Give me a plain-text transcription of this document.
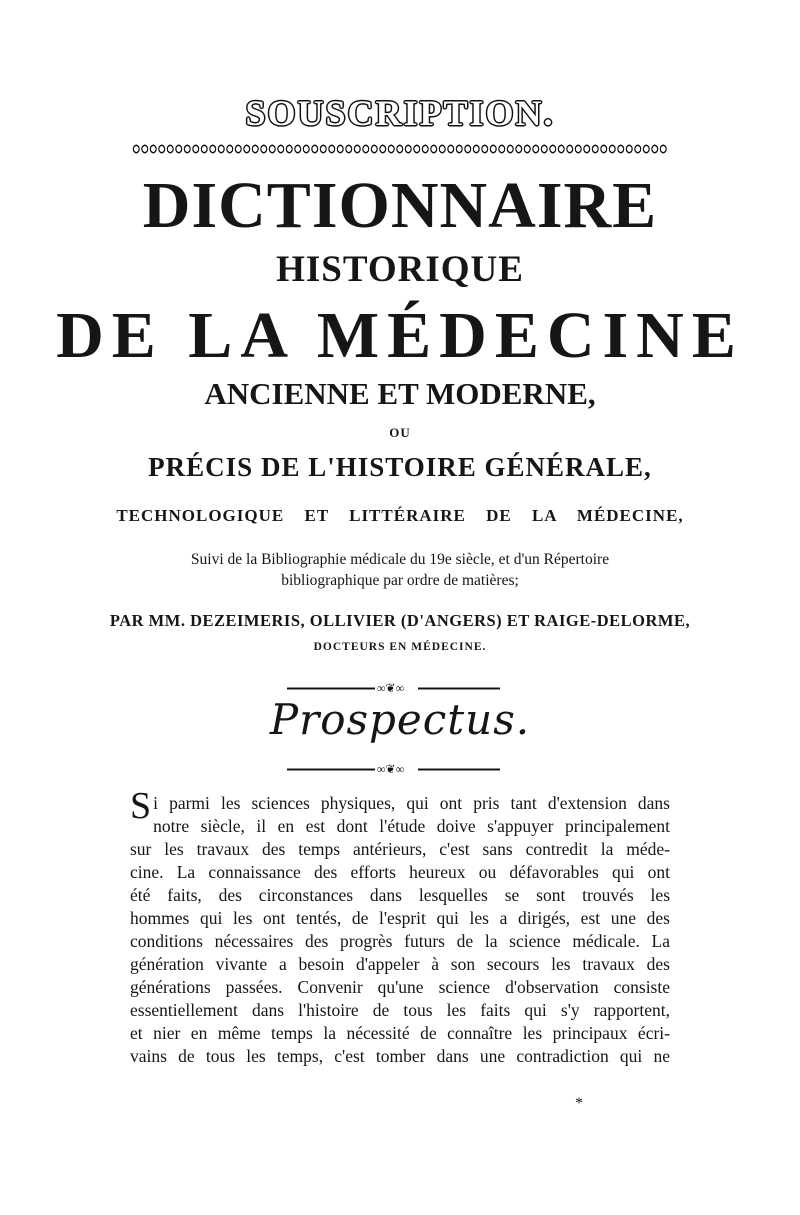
SOUSCRIPTION.
DICTIONNAIRE
HISTORIQUE
DE LA MÉDECINE
ANCIENNE ET MODERNE,
OU
PRÉCIS DE L'HISTOIRE GÉNÉRALE,
TECHNOLOGIQUE ET LITTÉRAIRE DE LA MÉDECINE,
Suivi de la Bibliographie médicale du 19e siècle, et d'un Répertoire
bibliographique par ordre de matières;
PAR MM. DEZEIMERIS, OLLIVIER (D'ANGERS) ET RAIGE-DELORME,
DOCTEURS EN MÉDECINE.
∞❦∞
Prospectus.
∞❦∞
S i parmi les sciences physiques, qui ont pris tant d'extension dans
notre siècle, il en est dont l'étude doive s'appuyer principalement
sur les travaux des temps antérieurs, c'est sans contredit la méde-
cine. La connaissance des efforts heureux ou défavorables qui ont
été faits, des circonstances dans lesquelles se sont trouvés les
hommes qui les ont tentés, de l'esprit qui les a dirigés, est une des
conditions nécessaires des progrès futurs de la science médicale. La
génération vivante a besoin d'appeler à son secours les travaux des
générations passées. Convenir qu'une science d'observation consiste
essentiellement dans l'histoire de tous les faits qui s'y rapportent,
et nier en même temps la nécessité de connaître les principaux écri-
vains de tous les temps, c'est tomber dans une contradiction qui ne
*
